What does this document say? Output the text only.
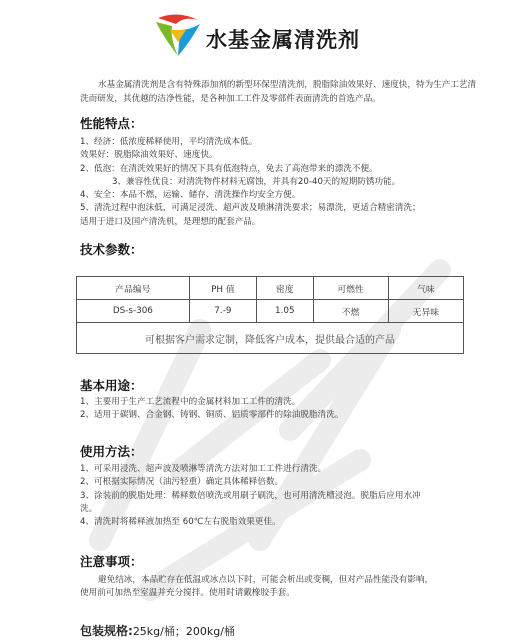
水基金属清洗剂
水基金属清洗剂是含有特殊添加剂的新型环保型清洗剂，脱脂除油效果好、速度快，特为生产工艺清洗而研发，其优越的洁净性能，是各种加工工件及零部件表面清洗的首选产品。
性能特点：
1、经济：低浓度稀释使用，平均清洗成本低。
效果好：脱脂除油效果好、速度快。
2、低泡：在清洗效果好的情况下具有低泡特点，免去了高泡带来的漂洗不便。
3、兼容性优良：对清洗物件材料无腐蚀，并具有20-40天的短期防锈功能。
4、安全：本品不燃，运输、储存、清洗操作均安全方便。
5、清洗过程中泡沫低，可满足浸洗、超声波及喷淋清洗要求；易漂洗，更适合精密清洗；
适用于进口及国产清洗机，是理想的配套产品。
技术参数：
产品编号	PH 值	密度	可燃性	气味
DS-s-306	7.-9	1.05	不燃	无异味
可根据客户需求定制，降低客户成本，提供最合适的产品				
基本用途：
1、主要用于生产工艺流程中的金属材料加工工件的清洗。
2、适用于碳钢、合金钢、铸钢、铜质、铝质零部件的除油脱脂清洗。
使用方法：
1、可采用浸洗、超声波及喷淋等清洗方法对加工工件进行清洗。
2、可根据实际情况（油污轻重）确定具体稀释倍数。
3、涂装前的脱脂处理：稀释数倍喷洗或用刷子刷洗，也可用清洗槽浸泡。脱脂后应用水冲
洗。
4、清洗时将稀释液加热至 60℃左右脱脂效果更佳。
注意事项：
避免结冰，本品贮存在低温或冰点以下时，可能会析出或变稠，但对产品性能没有影响，
使用前可加热至室温并充分搅拌。使用时请戴橡胶手套。
包装规格:25kg/桶；200kg/桶
